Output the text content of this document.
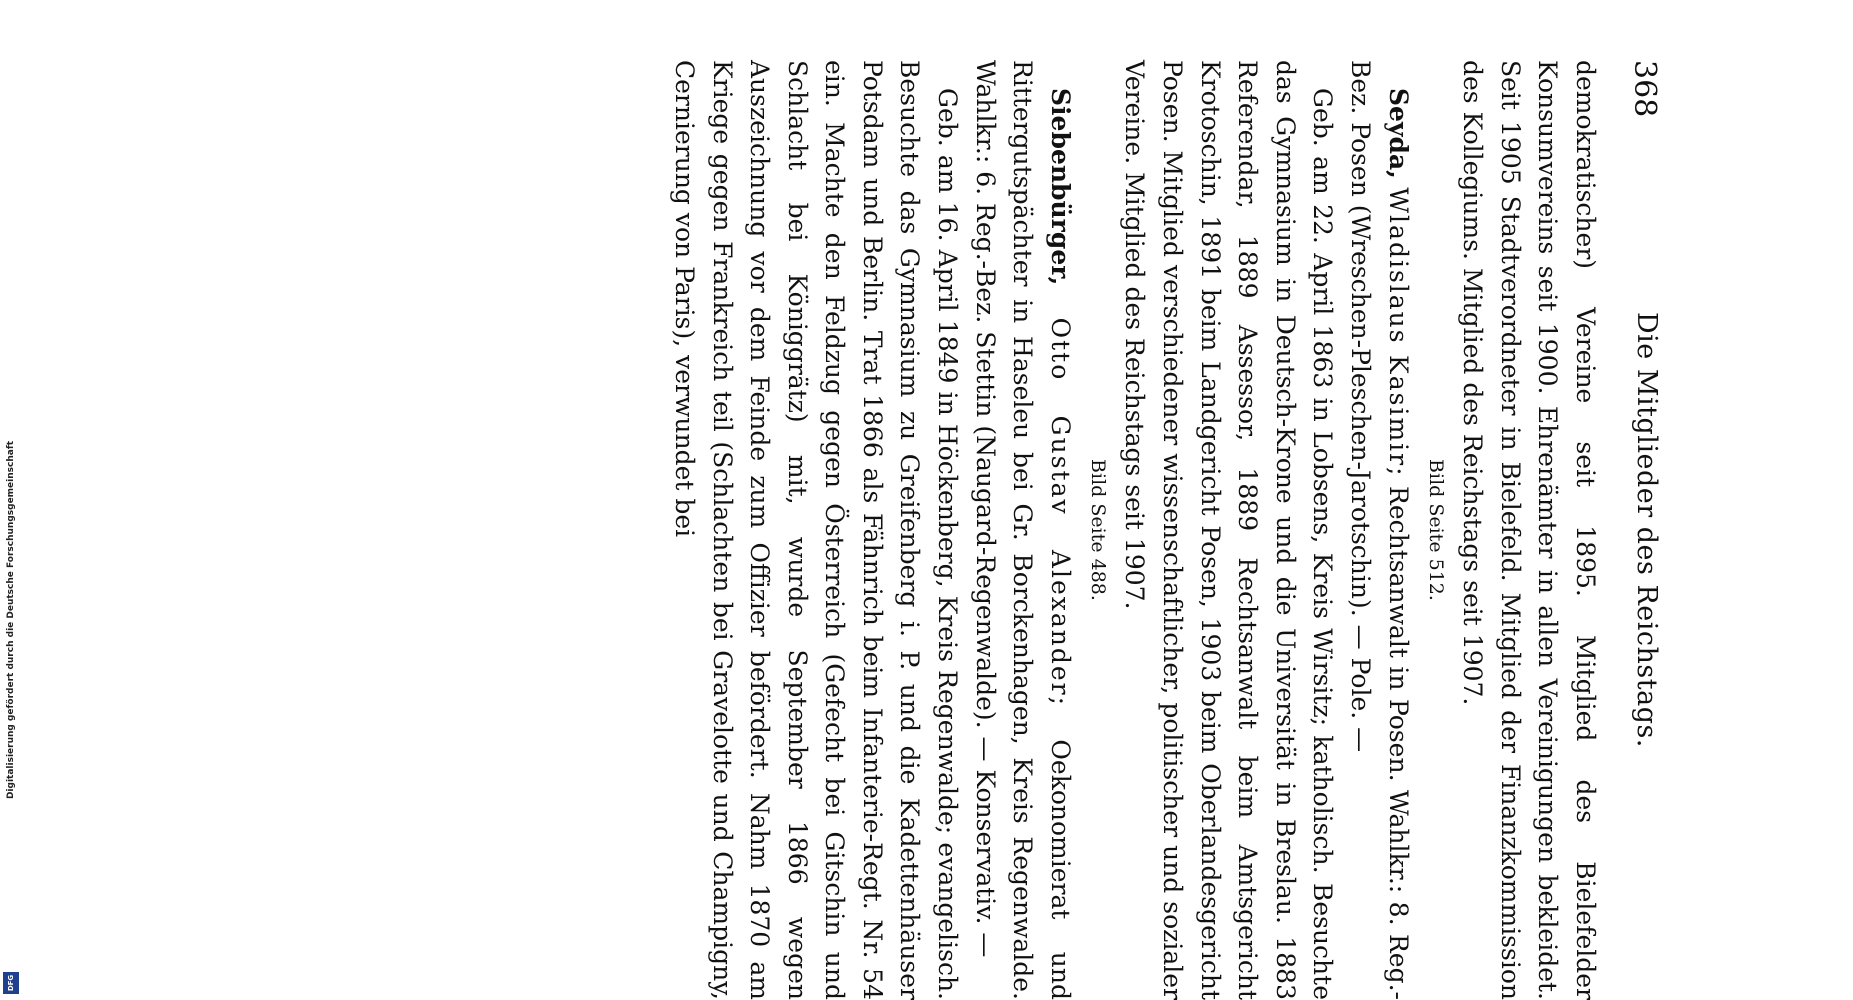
Digitalisierung gefördert durch die Deutsche Forschungsgemeinschaft
DFG
368
Die Mitglieder des Reichstags.

demokratischer) Vereine seit 1895. Mitglied des Bielefelder Konsumvereins seit 1900. Ehrenämter in allen Vereinigungen bekleidet. Seit 1905 Stadtverordneter in Bielefeld. Mitglied der Finanzkommission des Kollegiums. Mitglied des Reichstags seit 1907.

Bild Seite 512.

Seyda, Wladislaus Kasimir; Rechtsanwalt in Posen. Wahlkr.: 8. Reg.-Bez. Posen (Wreschen-Pleschen-Jarotschin). — Pole. —

Geb. am 22. April 1863 in Lobsens, Kreis Wirsitz; katholisch. Besuchte das Gymnasium in Deutsch-Krone und die Universität in Breslau. 1883 Referendar, 1889 Assessor, 1889 Rechtsanwalt beim Amtsgericht Krotoschin, 1891 beim Landgericht Posen, 1903 beim Oberlandesgericht Posen. Mitglied verschiedener wissenschaftlicher, politischer und sozialer Vereine. Mitglied des Reichstags seit 1907.

Bild Seite 488.

Siebenbürger, Otto Gustav Alexander; Oekonomierat und Rittergutspächter in Haseleu bei Gr. Borckenhagen, Kreis Regenwalde. Wahlkr.: 6. Reg.-Bez. Stettin (Naugard-Regenwalde). — Konservativ. —

Geb. am 16. April 1849 in Höckenberg, Kreis Regenwalde; evangelisch. Besuchte das Gymnasium zu Greifenberg i. P. und die Kadettenhäuser Potsdam und Berlin. Trat 1866 als Fähnrich beim Infanterie-Regt. Nr. 54 ein. Machte den Feldzug gegen Österreich (Gefecht bei Gitschin und Schlacht bei Königgrätz) mit, wurde September 1866 wegen Auszeichnung vor dem Feinde zum Offizier befördert. Nahm 1870 am Kriege gegen Frankreich teil (Schlachten bei Gravelotte und Champigny, Cernierung von Paris), verwundet bei
